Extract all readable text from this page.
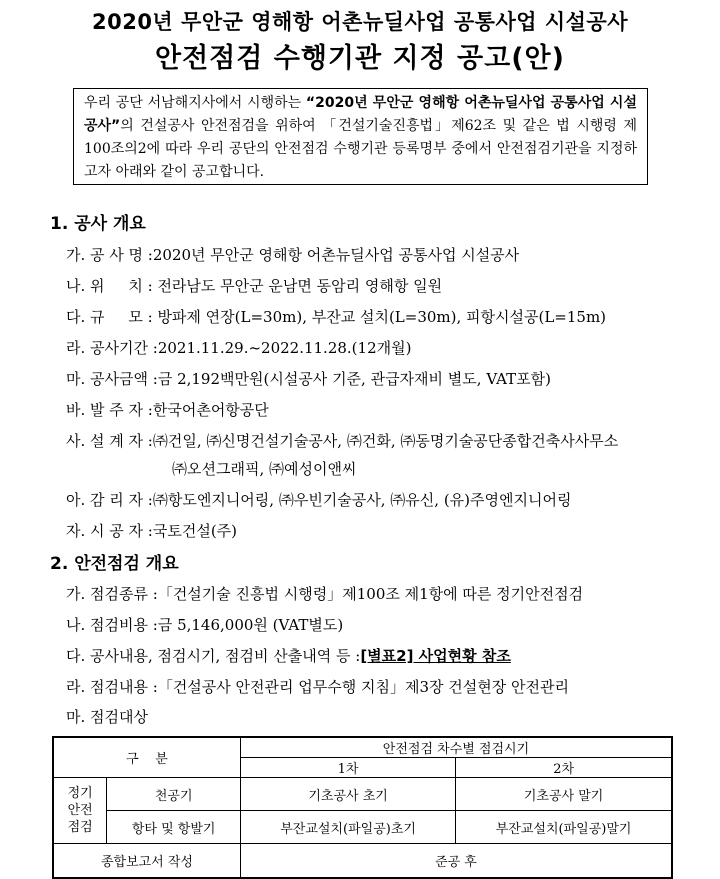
2020년 무안군 영해항 어촌뉴딜사업 공통사업 시설공사
안전점검 수행기관 지정 공고(안)
우리 공단 서남해지사에서 시행하는 “2020년 무안군 영해항 어촌뉴딜사업 공통사업 시설공사”의 건설공사 안전점검을 위하여 「건설기술진흥법」제62조 및 같은 법 시행령 제100조의2에 따라 우리 공단의 안전점검 수행기관 등록명부 중에서 안전점검기관을 지정하고자 아래와 같이 공고합니다.
1. 공사 개요
가. 공 사 명 :2020년 무안군 영해항 어촌뉴딜사업 공통사업 시설공사
나. 위     치 : 전라남도 무안군 운남면 동암리 영해항 일원
다. 규     모 : 방파제 연장(L=30m), 부잔교 설치(L=30m), 피항시설공(L=15m)
라. 공사기간 :2021.11.29.~2022.11.28.(12개월)
마. 공사금액 :금 2,192백만원(시설공사 기준, 관급자재비 별도, VAT포함)
바. 발 주 자 :한국어촌어항공단
사. 설 계 자 :㈜건일, ㈜신명건설기술공사, ㈜건화, ㈜동명기술공단종합건축사사무소
㈜오션그래픽, ㈜예성이앤씨
아. 감 리 자 :㈜항도엔지니어링, ㈜우빈기술공사, ㈜유신, (유)주영엔지니어링
자. 시 공 자 :국토건설(주)
2. 안전점검 개요
가. 점검종류 :「건설기술 진흥법 시행령」제100조 제1항에 따른 정기안전점검
나. 점검비용 :금 5,146,000원 (VAT별도)
다. 공사내용, 점검시기, 점검비 산출내역 등 :[별표2] 사업현황 참조
라. 점검내용 :「건설공사 안전관리 업무수행 지침」제3장 건설현장 안전관리
마. 점검대상
구    분		안전점검 차수별 점검시기	
		1차	2차
정기
안전
점검	천공기	기초공사 초기	기초공사 말기
	항타 및 항발기	부잔교설치(파일공)초기	부잔교설치(파일공)말기
종합보고서 작성		준공 후	
